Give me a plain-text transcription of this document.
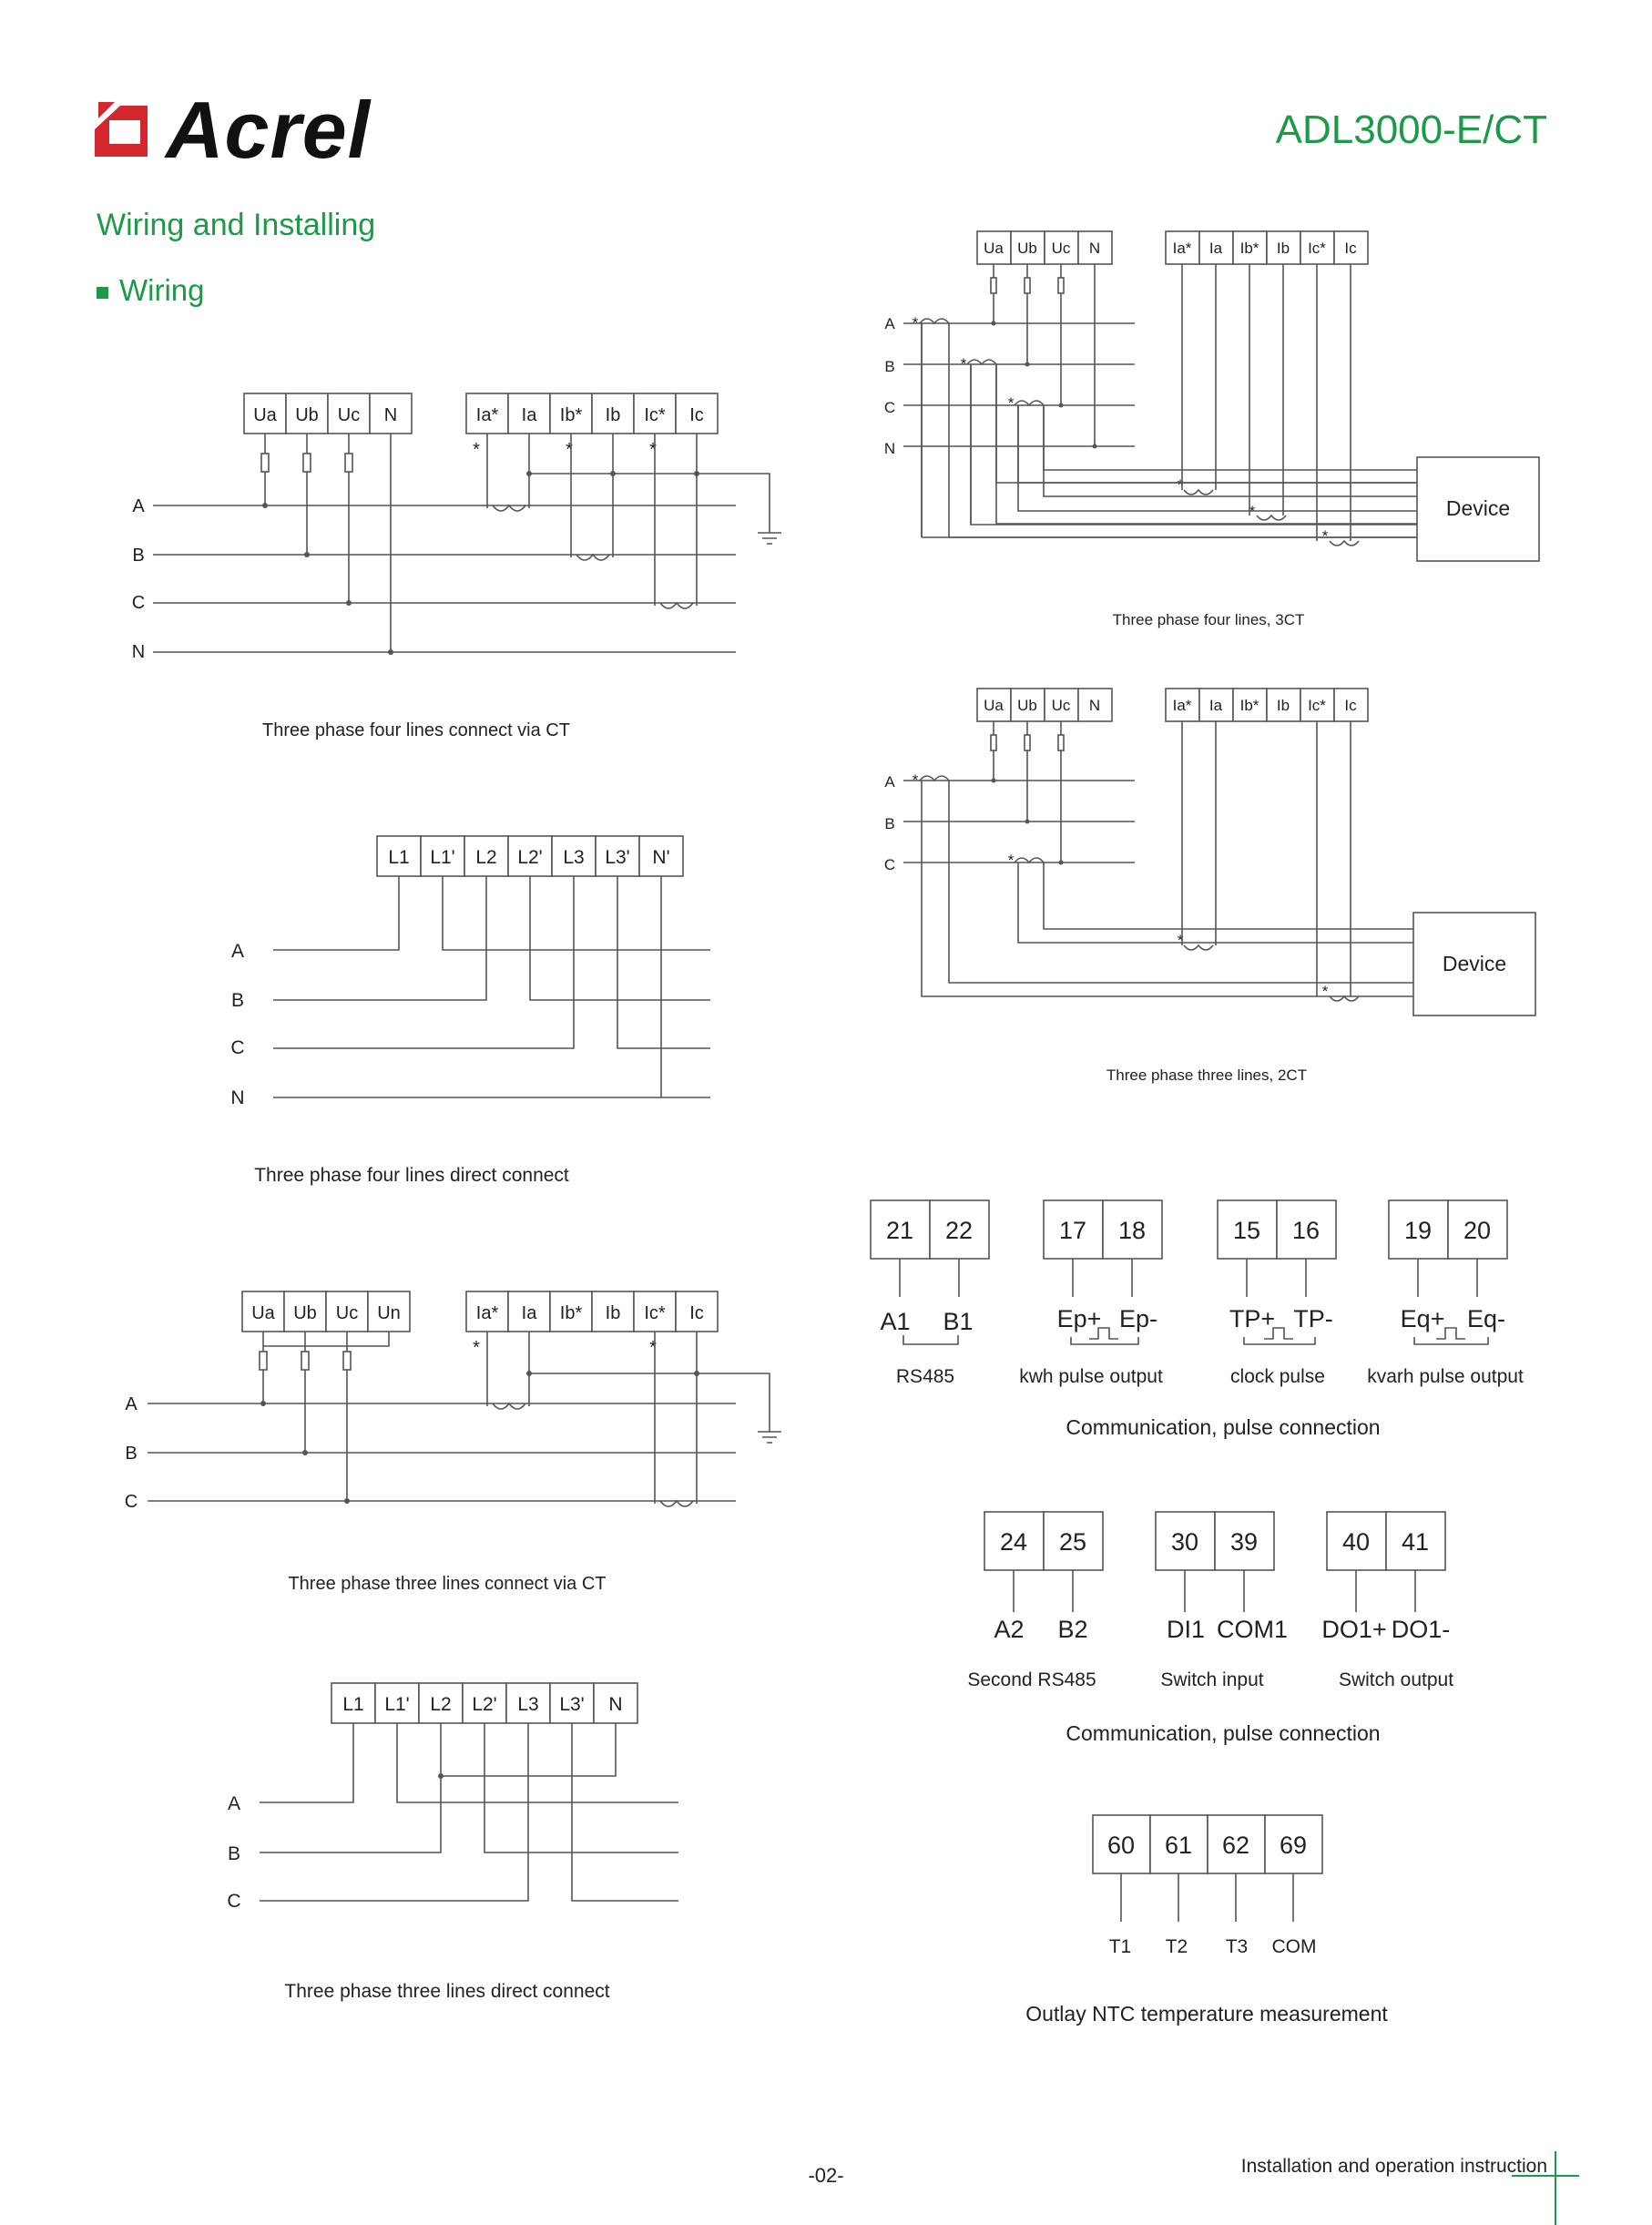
Acrel	ADL3000-E/CT
Wiring and Installing
Wiring
Ua Ub Uc N	Ia* Ia Ib* Ib Ic* Ic
A
B
C
N
Three phase four lines connect via CT
*	*	*
L1 L1' L2 L2' L3 L3' N'
A
B
C
N
Three phase four lines direct connect
Ua Ub Uc Un	Ia* Ia Ib* Ib Ic* Ic
A
B
C
Three phase three lines connect via CT
*	*
L1 L1' L2 L2' L3 L3' N
A
B
C
Three phase three lines direct connect
Ua Ub Uc N	Ia* Ia Ib* Ib Ic* Ic
A
B
C
N
Three phase four lines, 3CT
*
*
*
*
*
*
Device
Ua Ub Uc N	Ia* Ia Ib* Ib Ic* Ic
A
B
C
Three phase three lines, 2CT
*
*
*
*
Device
21 22	17 18	15 16	19 20
A1 B1	Ep+ Ep-	TP+ TP-	Eq+ Eq-
RS485	kwh pulse output	clock pulse kvarh pulse output
Communication, pulse connection
24 25	30 39	40 41
A2 B2	DI1 COM1 DO1+ DO1-
Second RS485	Switch input	Switch output
Communication, pulse connection
60 61 62 69
T1 T2 T3 COM
Outlay NTC temperature measurement
-02-	Installation and operation instruction
